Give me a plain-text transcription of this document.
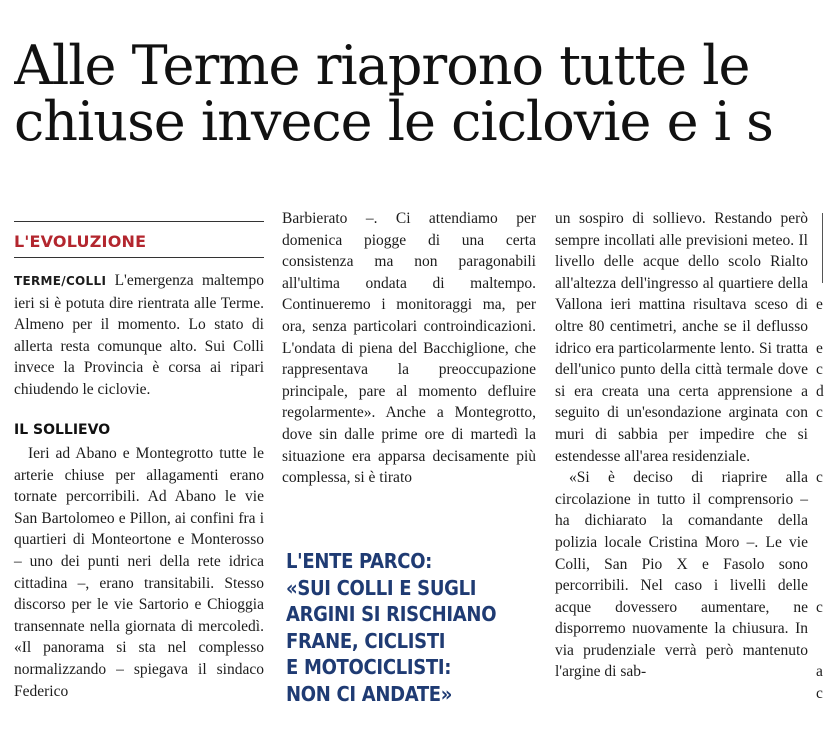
Alle Terme riaprono tutte le
chiuse invece le ciclovie e i s
L'EVOLUZIONE

TERME/COLLI L'emergenza maltempo ieri si è potuta dire rientrata alle Terme. Almeno per il momento. Lo stato di allerta resta comunque alto. Sui Colli invece la Provincia è corsa ai ripari chiudendo le ciclovie.

IL SOLLIEVO

Ieri ad Abano e Montegrotto tutte le arterie chiuse per allagamenti erano tornate percorribili. Ad Abano le vie San Bartolomeo e Pillon, ai confini fra i quartieri di Monteortone e Monterosso – uno dei punti neri della rete idrica cittadina –, erano transitabili. Stesso discorso per le vie Sartorio e Chioggia transennate nella giornata di mercoledì. «Il panorama si sta nel complesso normalizzando – spiegava il sindaco Federico

Barbierato –. Ci attendiamo per domenica piogge di una certa consistenza ma non paragonabili all'ultima ondata di maltempo. Continueremo i monitoraggi ma, per ora, senza particolari controindicazioni. L'ondata di piena del Bacchiglione, che rappresentava la preoccupazione principale, pare al momento defluire regolarmente». Anche a Montegrotto, dove sin dalle prime ore di martedì la situazione era apparsa decisamente più complessa, si è tirato

L'ENTE PARCO:
«SUI COLLI E SUGLI
ARGINI SI RISCHIANO
FRANE, CICLISTI
E MOTOCICLISTI:
NON CI ANDATE»

un sospiro di sollievo. Restando però sempre incollati alle previsioni meteo. Il livello delle acque dello scolo Rialto all'altezza dell'ingresso al quartiere della Vallona ieri mattina risultava sceso di oltre 80 centimetri, anche se il deflusso idrico era particolarmente lento. Si tratta dell'unico punto della città termale dove si era creata una certa apprensione a seguito di un'esondazione arginata con muri di sabbia per impedire che si estendesse all'area residenziale.

«Si è deciso di riaprire alla circolazione in tutto il comprensorio – ha dichiarato la comandante della polizia locale Cristina Moro –. Le vie Colli, San Pio X e Fasolo sono percorribili. Nel caso i livelli delle acque dovessero aumentare, ne disporremo nuovamente la chiusura. In via prudenziale verrà però mantenuto l'argine di sab-

e
e
c
d
c
c
c
a
c
